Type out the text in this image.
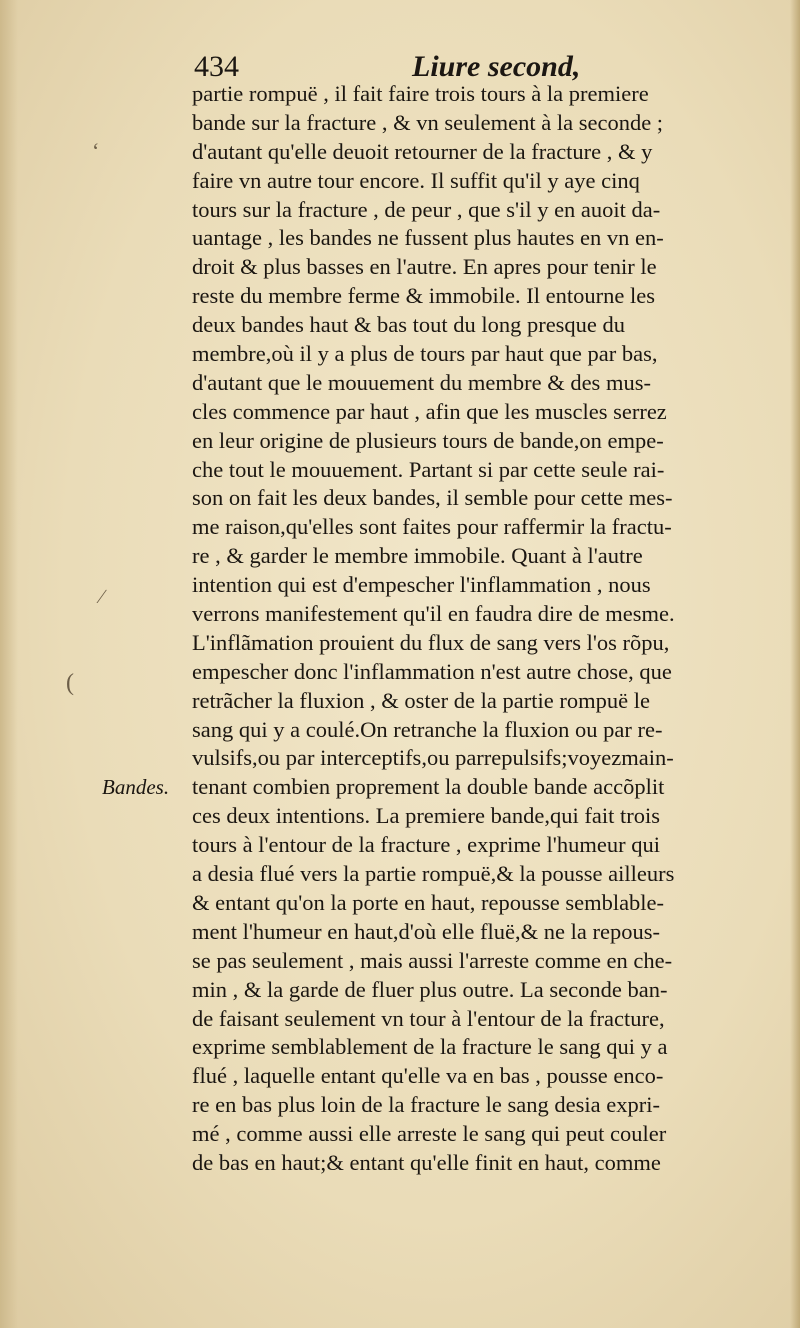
434	Liure second,
Bandes.
‘
∕
(
partie rompuë , il fait faire trois tours à la premiere
bande sur la fracture , & vn seulement à la seconde ;
d'autant qu'elle deuoit retourner de la fracture , & y
faire vn autre tour encore. Il suffit qu'il y aye cinq
tours sur la fracture , de peur , que s'il y en auoit da-
uantage , les bandes ne fussent plus hautes en vn en-
droit & plus basses en l'autre. En apres pour tenir le
reste du membre ferme & immobile. Il entourne les
deux bandes haut & bas tout du long presque du
membre,où il y a plus de tours par haut que par bas,
d'autant que le mouuement du membre & des mus-
cles commence par haut , afin que les muscles serrez
en leur origine de plusieurs tours de bande,on empe-
che tout le mouuement. Partant si par cette seule rai-
son on fait les deux bandes, il semble pour cette mes-
me raison,qu'elles sont faites pour raffermir la fractu-
re , & garder le membre immobile. Quant à l'autre
intention qui est d'empescher l'inflammation , nous
verrons manifestement qu'il en faudra dire de mesme.
L'inflãmation prouient du flux de sang vers l'os rõpu,
empescher donc l'inflammation n'est autre chose, que
retrãcher la fluxion , & oster de la partie rompuë le
sang qui y a coulé.On retranche la fluxion ou par re-
vulsifs,ou par interceptifs,ou parrepulsifs;voyezmain-
tenant combien proprement la double bande accõplit
ces deux intentions. La premiere bande,qui fait trois
tours à l'entour de la fracture , exprime l'humeur qui
a desia flué vers la partie rompuë,& la pousse ailleurs
& entant qu'on la porte en haut, repousse semblable-
ment l'humeur en haut,d'où elle fluë,& ne la repous-
se pas seulement , mais aussi l'arreste comme en che-
min , & la garde de fluer plus outre. La seconde ban-
de faisant seulement vn tour à l'entour de la fracture,
exprime semblablement de la fracture le sang qui y a
flué , laquelle entant qu'elle va en bas , pousse enco-
re en bas plus loin de la fracture le sang desia expri-
mé , comme aussi elle arreste le sang qui peut couler
de bas en haut;& entant qu'elle finit en haut, comme
